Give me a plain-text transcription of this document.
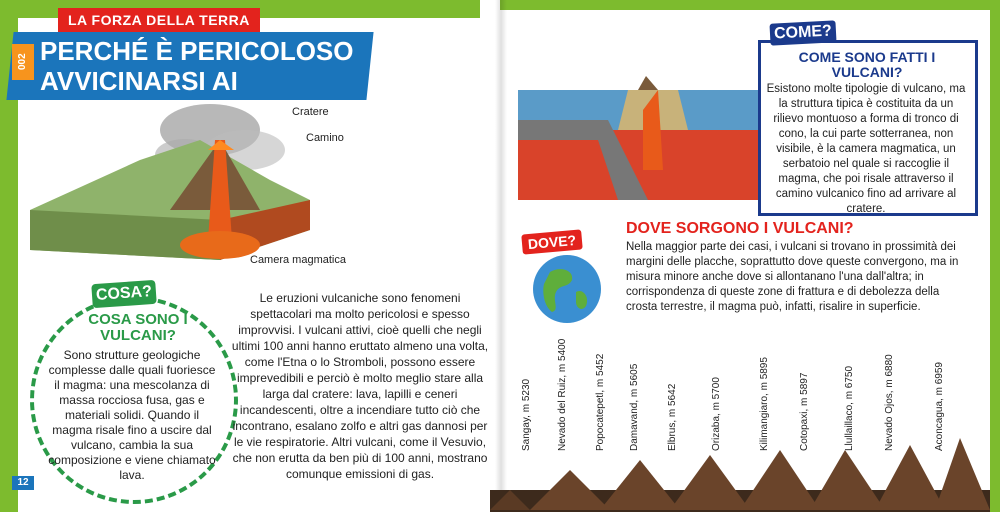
LA FORZA DELLA TERRA
002 PERCHÉ È PERICOLOSO AVVICINARSI AI CRATERI?	Cratere
Camino
Camera magmatica
COSA?
COSA SONO I VULCANI?
Sono strutture geologiche complesse dalle quali fuoriesce il magma: una mescolanza di massa rocciosa fusa, gas e materiali solidi. Quando il magma risale fino a uscire dal vulcano, cambia la sua composizione e viene chiamato lava.
12
Le eruzioni vulcaniche sono fenomeni spettacolari ma molto pericolosi e spesso improvvisi. I vulcani attivi, cioè quelli che negli ultimi 100 anni hanno eruttato almeno una volta, come l'Etna o lo Stromboli, possono essere imprevedibili e perciò è molto meglio stare alla larga dal cratere: lava, lapilli e ceneri incandescenti, oltre a incendiare tutto ciò che incontrano, esalano zolfo e altri gas dannosi per le vie respiratorie. Altri vulcani, come il Vesuvio, che non erutta da ben più di 100 anni, mostrano comunque emissioni di gas.
COME?
COME SONO FATTI I VULCANI?
Esistono molte tipologie di vulcano, ma la struttura tipica è costituita da un rilievo montuoso a forma di tronco di cono, la cui parte sotterranea, non visibile, è la camera magmatica, un serbatoio nel quale si raccoglie il magma, che poi risale attraverso il camino vulcanico fino ad arrivare al cratere.
DOVE?
DOVE SORGONO I VULCANI?
Nella maggior parte dei casi, i vulcani si trovano in prossimità dei margini delle placche, soprattutto dove queste convergono, ma in misura minore anche dove si allontanano l'una dall'altra; in corrispondenza di queste zone di frattura e di debolezza della crosta terrestre, il magma può, infatti, risalire in superficie.
Sangay, m 5230	Nevado del Ruiz, m 5400	Popocatepetl, m 5452 Damavand, m 5605	Elbrus, m 5642	Orizaba, m 5700	Kilimangiaro, m 5895	Cotopaxi, m 5897	Llullaillaco, m 6750	Nevado Ojos, m 6880	Aconcagua, m 6959
